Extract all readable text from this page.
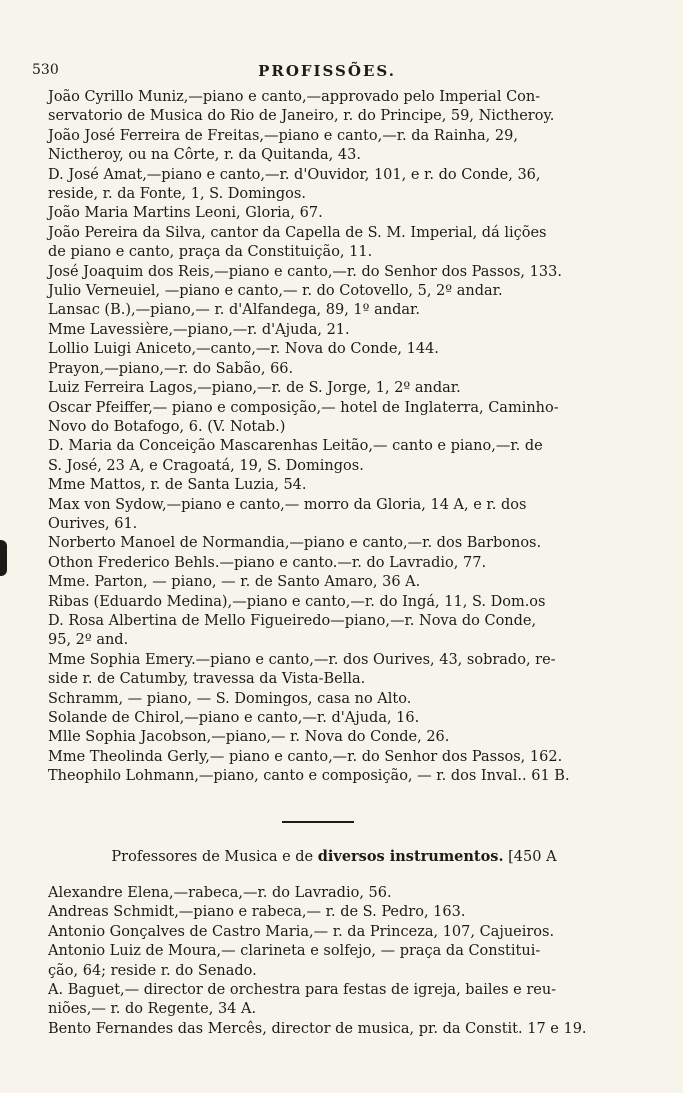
530	PROFISSÕES.
João Cyrillo Muniz,—piano e canto,—approvado pelo Imperial Con-
servatorio de Musica do Rio de Janeiro, r. do Principe, 59, Nictheroy.
João José Ferreira de Freitas,—piano e canto,—r. da Rainha, 29,
Nictheroy, ou na Côrte, r. da Quitanda, 43.
D. José Amat,—piano e canto,—r. d'Ouvidor, 101, e r. do Conde, 36,
reside, r. da Fonte, 1, S. Domingos.
João Maria Martins Leoni, Gloria, 67.
João Pereira da Silva, cantor da Capella de S. M. Imperial, dá lições
de piano e canto, praça da Constituição, 11.
José Joaquim dos Reis,—piano e canto,—r. do Senhor dos Passos, 133.
Julio Verneuiel, —piano e canto,— r. do Cotovello, 5, 2º andar.
Lansac (B.),—piano,— r. d'Alfandega, 89, 1º andar.
Mme Lavessière,—piano,—r. d'Ajuda, 21.
Lollio Luigi Aniceto,—canto,—r. Nova do Conde, 144.
Prayon,—piano,—r. do Sabão, 66.
Luiz Ferreira Lagos,—piano,—r. de S. Jorge, 1, 2º andar.
Oscar Pfeiffer,— piano e composição,— hotel de Inglaterra, Caminho-
Novo do Botafogo, 6. (V. Notab.)
D. Maria da Conceição Mascarenhas Leitão,— canto e piano,—r. de
S. José, 23 A, e Cragoatá, 19, S. Domingos.
Mme Mattos, r. de Santa Luzia, 54.
Max von Sydow,—piano e canto,— morro da Gloria, 14 A, e r. dos
Ourives, 61.
Norberto Manoel de Normandia,—piano e canto,—r. dos Barbonos.
Othon Frederico Behls.—piano e canto.—r. do Lavradio, 77.
Mme. Parton, — piano, — r. de Santo Amaro, 36 A.
Ribas (Eduardo Medina),—piano e canto,—r. do Ingá, 11, S. Dom.os
D. Rosa Albertina de Mello Figueiredo—piano,—r. Nova do Conde,
95, 2º and.
Mme Sophia Emery.—piano e canto,—r. dos Ourives, 43, sobrado, re-
side r. de Catumby, travessa da Vista-Bella.
Schramm, — piano, — S. Domingos, casa no Alto.
Solande de Chirol,—piano e canto,—r. d'Ajuda, 16.
Mlle Sophia Jacobson,—piano,— r. Nova do Conde, 26.
Mme Theolinda Gerly,— piano e canto,—r. do Senhor dos Passos, 162.
Theophilo Lohmann,—piano, canto e composição, — r. dos Inval.. 61 B.
Professores de Musica e de diversos instrumentos. [450 A
Alexandre Elena,—rabeca,—r. do Lavradio, 56.
Andreas Schmidt,—piano e rabeca,— r. de S. Pedro, 163.
Antonio Gonçalves de Castro Maria,— r. da Princeza, 107, Cajueiros.
Antonio Luiz de Moura,— clarineta e solfejo, — praça da Constitui-
ção, 64; reside r. do Senado.
A. Baguet,— director de orchestra para festas de igreja, bailes e reu-
niões,— r. do Regente, 34 A.
Bento Fernandes das Mercês, director de musica, pr. da Constit. 17 e 19.
